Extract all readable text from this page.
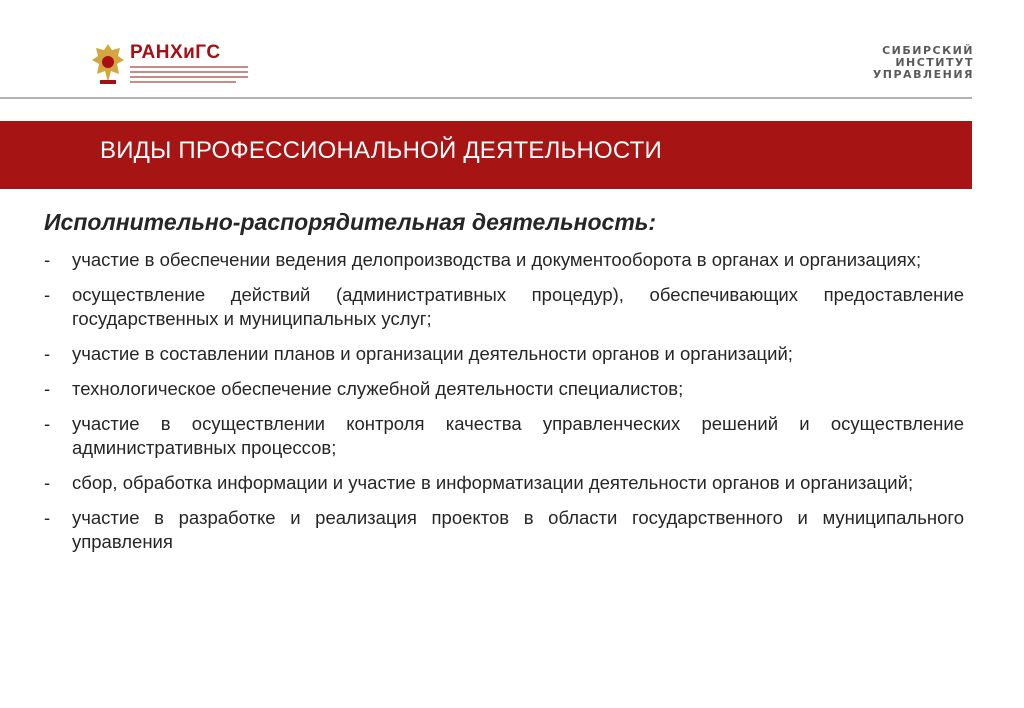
РАНХиГС	СИБИРСКИЙ
ИНСТИТУТ
УПРАВЛЕНИЯ
ВИДЫ ПРОФЕССИОНАЛЬНОЙ ДЕЯТЕЛЬНОСТИ
Исполнительно-распорядительная деятельность:
- участие в обеспечении ведения делопроизводства и документооборота в органах и организациях;
- осуществление действий (административных процедур), обеспечивающих предоставление государственных и муниципальных услуг;
- участие в составлении планов и организации деятельности органов и организаций;
- технологическое обеспечение служебной деятельности специалистов;
- участие в осуществлении контроля качества управленческих решений и осуществление административных процессов;
- сбор, обработка информации и участие в информатизации деятельности органов и организаций;
- участие в разработке и реализация проектов в области государственного и муниципального управления
